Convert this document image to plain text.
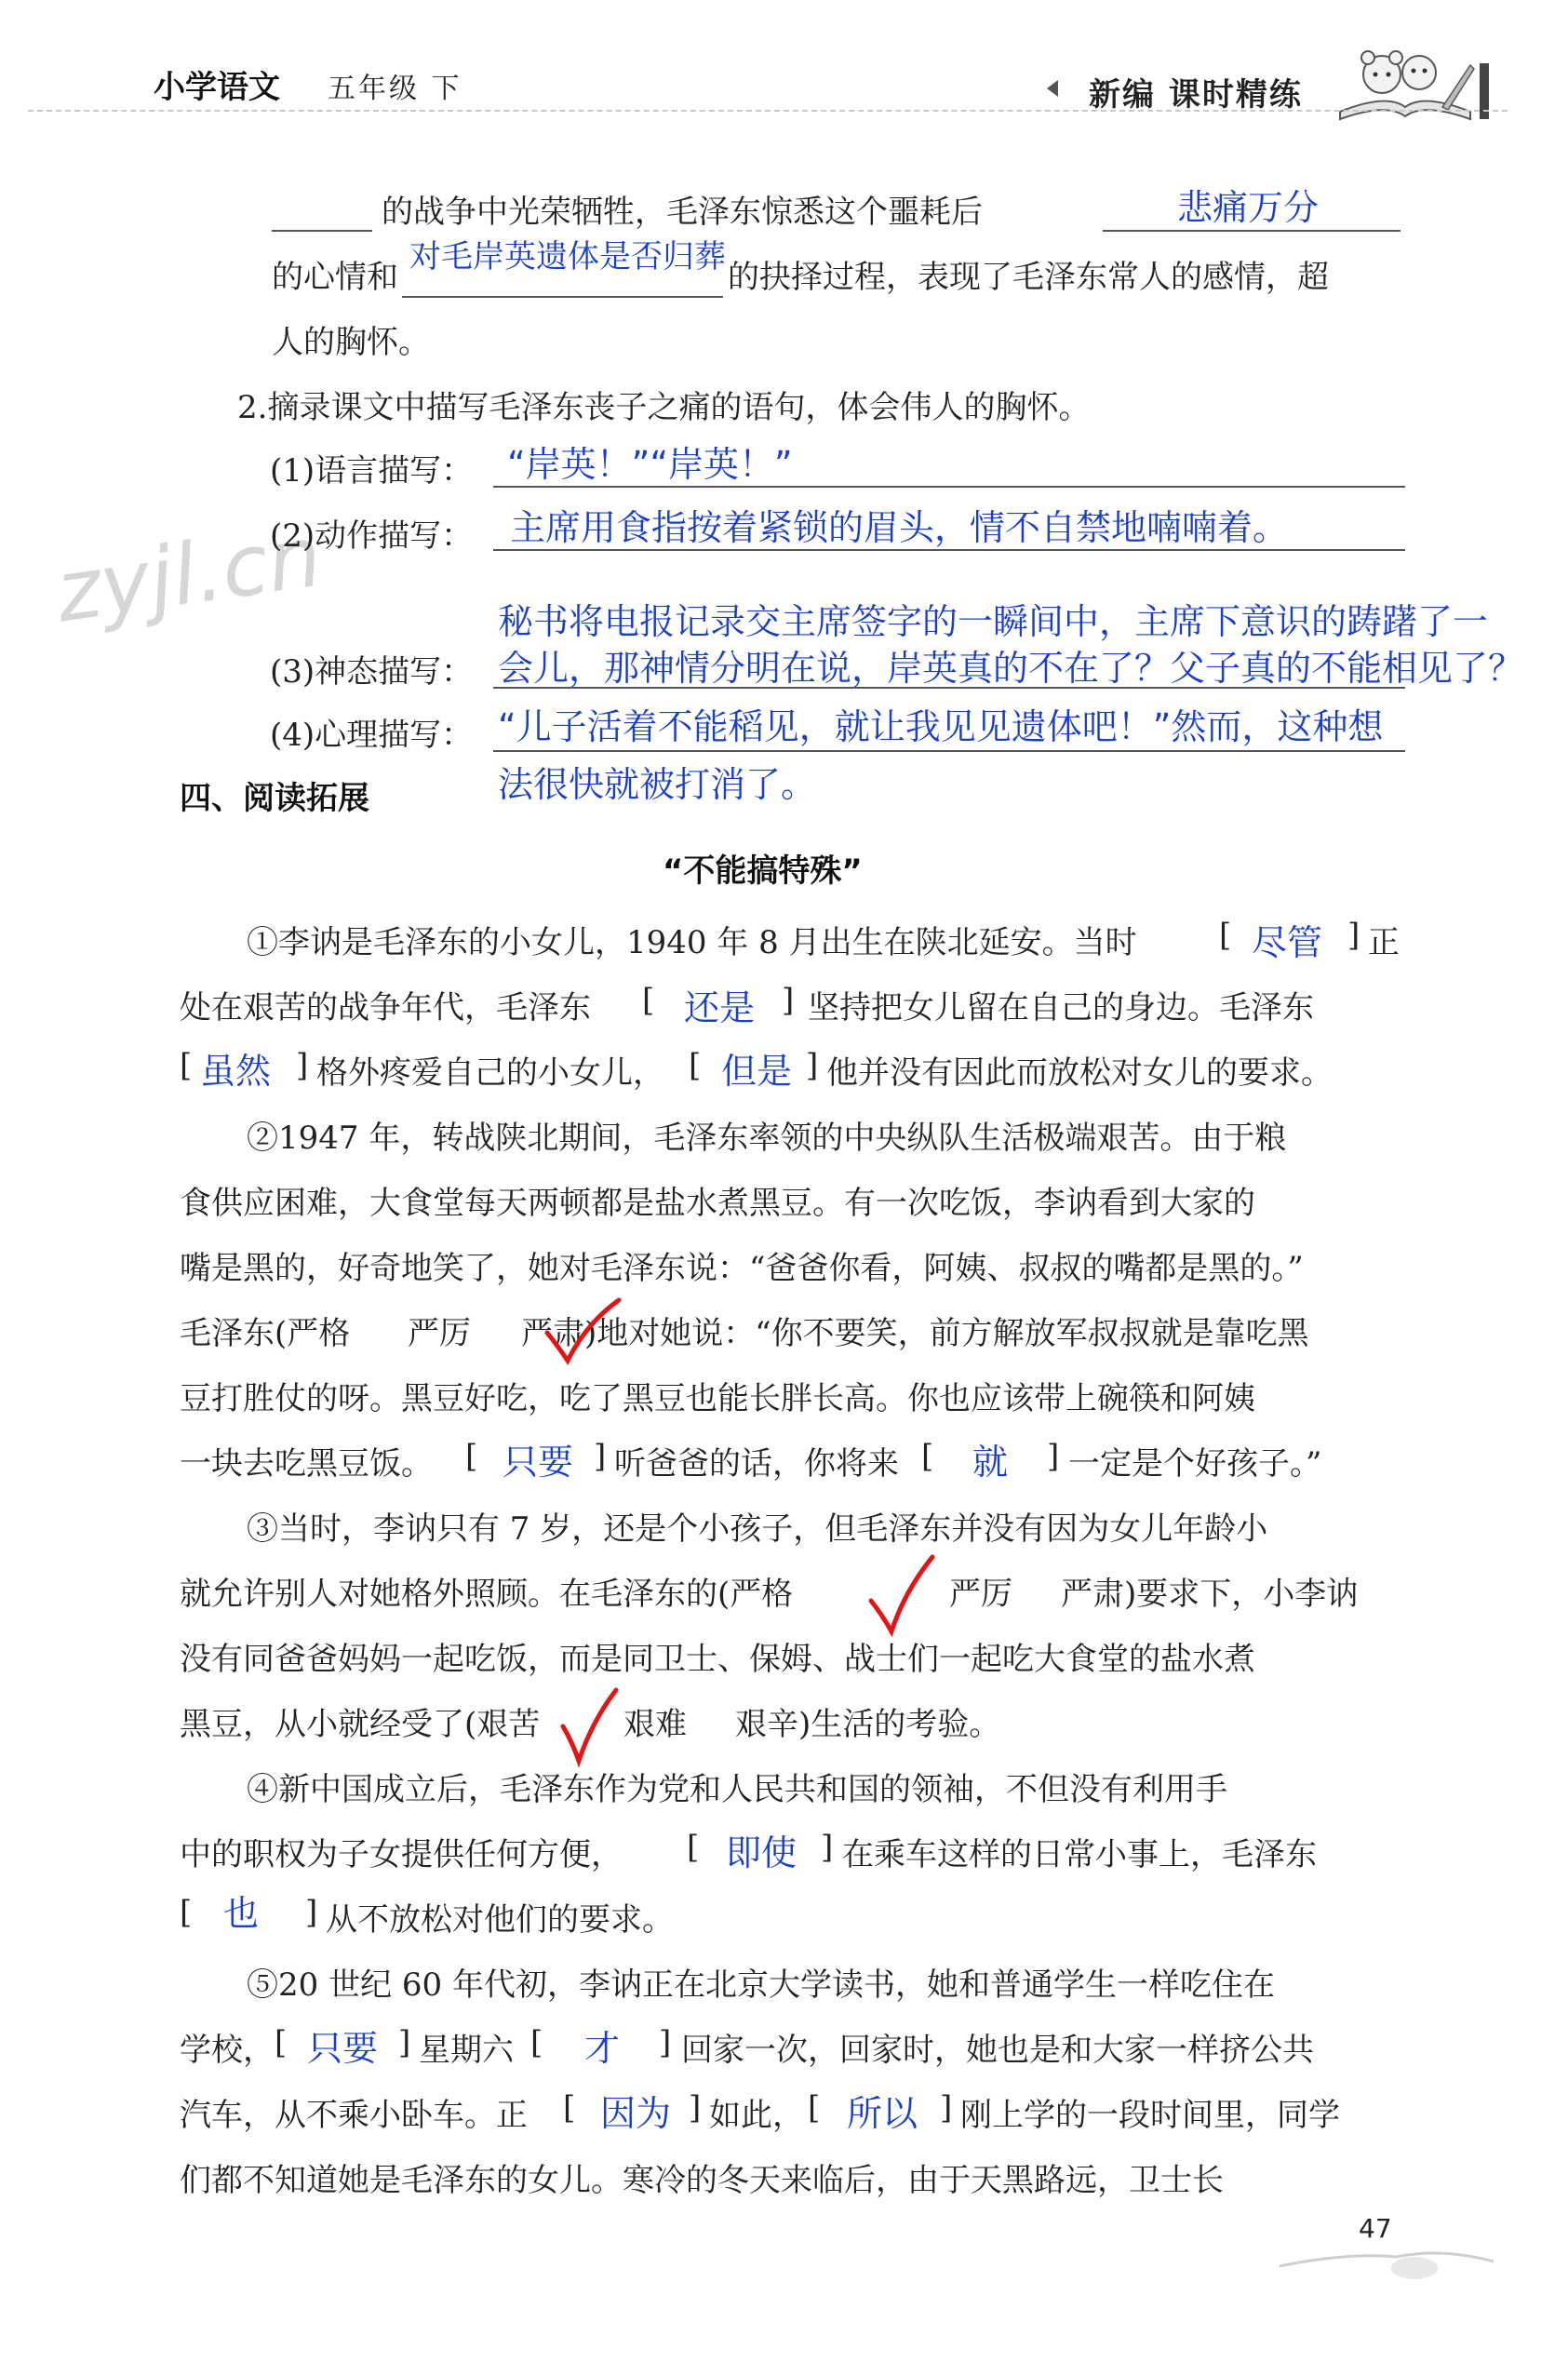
小学语文 五年级 下	新编 课时精练
zyjl.cn
的战争中光荣牺牲，毛泽东惊悉这个噩耗后	悲痛万分
的心情和
对毛岸英遗体是否归葬
的抉择过程，表现了毛泽东常人的感情，超
人的胸怀。
2.摘录课文中描写毛泽东丧子之痛的语句，体会伟人的胸怀。
(1)语言描写： “岸英！”“岸英！”
(2)动作描写： 主席用食指按着紧锁的眉头，情不自禁地喃喃着。
秘书将电报记录交主席签字的一瞬间中，主席下意识的踌躇了一
(3)神态描写： 会儿，那神情分明在说，岸英真的不在了？父子真的不能相见了？
(4)心理描写： “儿子活着不能稻见，就让我见见遗体吧！”然而，这种想
法很快就被打消了。
四、阅读拓展
“不能搞特殊”
①李讷是毛泽东的小女儿，1940 年 8 月出生在陕北延安。当时	[ 尽管 ] 正
处在艰苦的战争年代，毛泽东 [ 还是 ] 坚持把女儿留在自己的身边。毛泽东
[ 虽然 ] 格外疼爱自己的小女儿， [ 但是 ] 他并没有因此而放松对女儿的要求。
②1947 年，转战陕北期间，毛泽东率领的中央纵队生活极端艰苦。由于粮
食供应困难，大食堂每天两顿都是盐水煮黑豆。有一次吃饭，李讷看到大家的
嘴是黑的，好奇地笑了，她对毛泽东说：“爸爸你看，阿姨、叔叔的嘴都是黑的。”
毛泽东(严格 严厉 严肃)地对她说：“你不要笑，前方解放军叔叔就是靠吃黑
豆打胜仗的呀。黑豆好吃，吃了黑豆也能长胖长高。你也应该带上碗筷和阿姨
一块去吃黑豆饭。 [ 只要 ] 听爸爸的话，你将来 [ 就 ] 一定是个好孩子。”
③当时，李讷只有 7 岁，还是个小孩子，但毛泽东并没有因为女儿年龄小
就允许别人对她格外照顾。在毛泽东的(严格	严厉 严肃)要求下，小李讷
没有同爸爸妈妈一起吃饭，而是同卫士、保姆、战士们一起吃大食堂的盐水煮
黑豆，从小就经受了(艰苦	艰难 艰辛)生活的考验。
④新中国成立后，毛泽东作为党和人民共和国的领袖，不但没有利用手
中的职权为子女提供任何方便， [ 即使 ] 在乘车这样的日常小事上，毛泽东
[ 也 ] 从不放松对他们的要求。
⑤20 世纪 60 年代初，李讷正在北京大学读书，她和普通学生一样吃住在
学校， [ 只要 ] 星期六 [ 才 ] 回家一次，回家时，她也是和大家一样挤公共
汽车，从不乘小卧车。正 [ 因为 ] 如此， [ 所以 ] 刚上学的一段时间里，同学
们都不知道她是毛泽东的女儿。寒冷的冬天来临后，由于天黑路远，卫士长
47
